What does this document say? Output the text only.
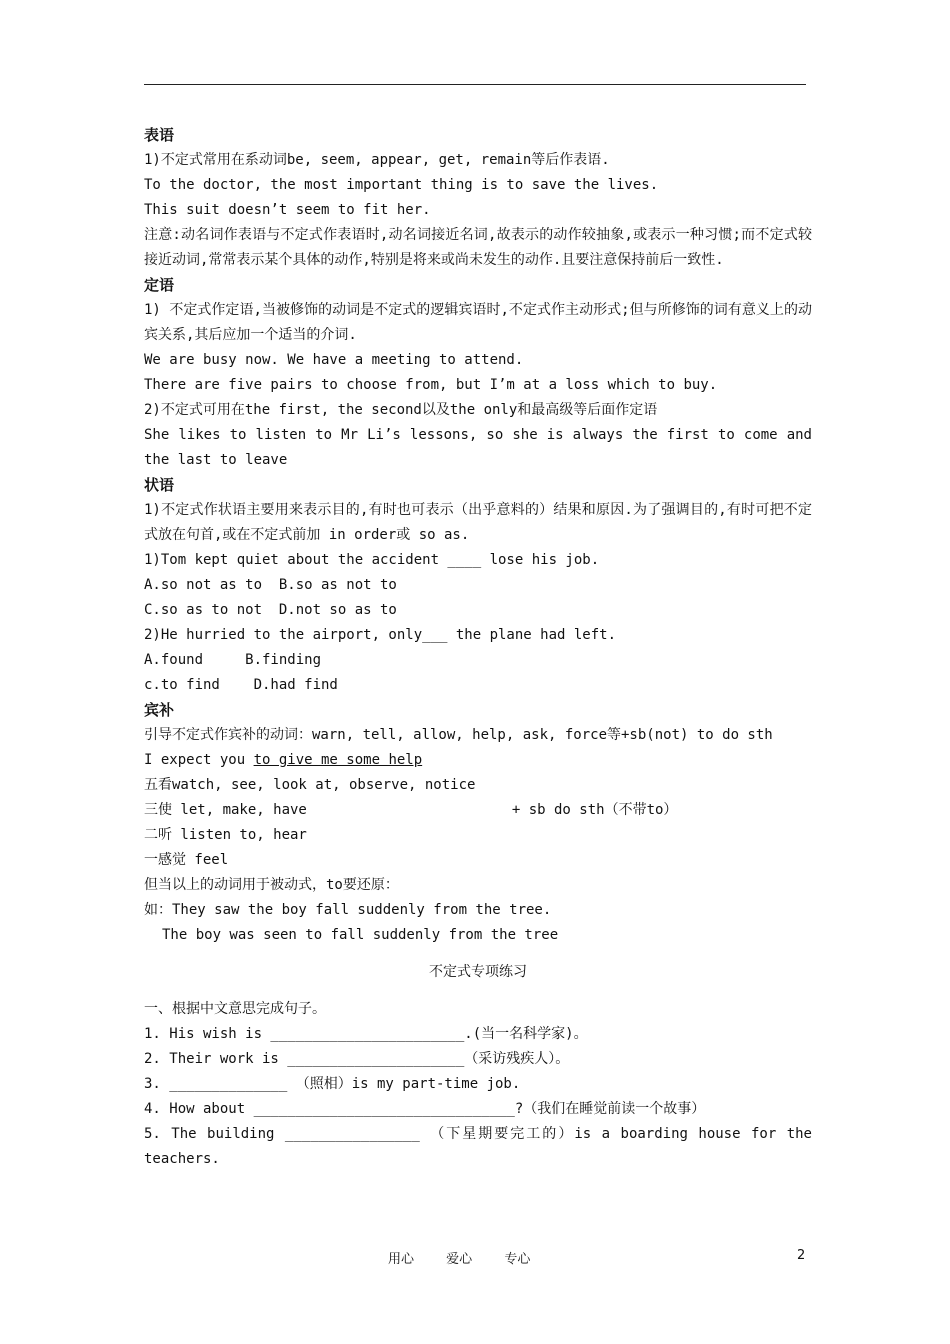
表语
1)不定式常用在系动词be, seem, appear, get, remain等后作表语.
To the doctor, the most important thing is to save the lives.
This suit doesn’t seem to fit her.
注意:动名词作表语与不定式作表语时,动名词接近名词,故表示的动作较抽象,或表示一种习惯;而不定式较接近动词,常常表示某个具体的动作,特别是将来或尚未发生的动作.且要注意保持前后一致性.
定语
1) 不定式作定语,当被修饰的动词是不定式的逻辑宾语时,不定式作主动形式;但与所修饰的词有意义上的动宾关系,其后应加一个适当的介词.
We are busy now. We have a meeting to attend.
There are five pairs to choose from, but I’m at a loss which to buy.
2)不定式可用在the first, the second以及the only和最高级等后面作定语
She likes to listen to Mr Li’s lessons, so she is always the first to come and the last to leave
状语
1)不定式作状语主要用来表示目的,有时也可表示（出乎意料的）结果和原因.为了强调目的,有时可把不定式放在句首,或在不定式前加 in order或 so as.
1)Tom kept quiet about the accident ____ lose his job.
A.so not as to  B.so as not to
C.so as to not  D.not so as to
2)He hurried to the airport, only___ the plane had left.
A.found     B.finding
c.to find    D.had find
宾补
引导不定式作宾补的动词：warn, tell, allow, help, ask, force等+sb(not) to do sth
I expect you to give me some help
五看watch, see, look at, observe, notice
三使 let, make, have	+ sb do sth（不带to）
二听 listen to, hear
一感觉 feel
但当以上的动词用于被动式，to要还原：
如：They saw the boy fall suddenly from the tree.
The boy was seen to fall suddenly from the tree
不定式专项练习
一、根据中文意思完成句子。
1. His wish is _______________________.(当一名科学家)。
2. Their work is _____________________（采访残疾人）。
3. ______________ （照相）is my part-time job.
4. How about _______________________________?（我们在睡觉前读一个故事）
5. The building ________________ （下星期要完工的）is a boarding house for the teachers.
用心 爱心 专心	2
